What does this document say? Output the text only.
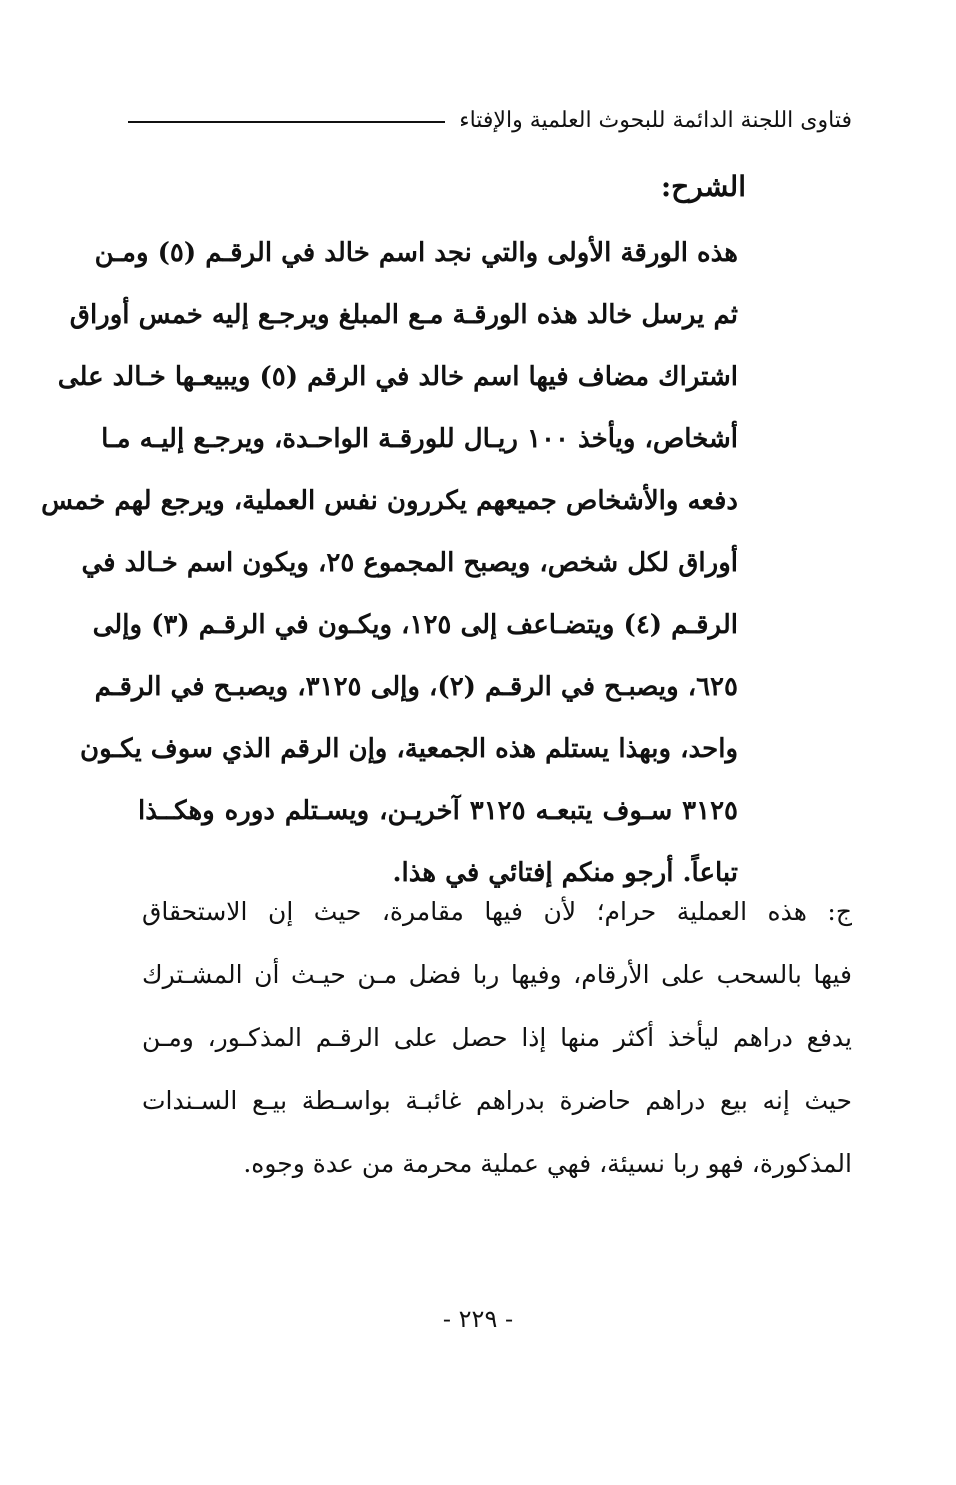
فتاوى اللجنة الدائمة للبحوث العلمية والإفتاء
الشرح:
هذه الورقة الأولى والتي نجد اسم خالد في الرقـم (٥) ومـن
ثم يرسل خالد هذه الورقـة مـع المبلغ ويرجـع إليه خمس أوراق
اشتراك مضاف فيها اسم خالد في الرقم (٥) ويبيعـها خـالد على
أشخاص، ويأخذ ١٠٠ ريـال للورقـة الواحـدة، ويرجـع إليـه مـا
دفعه والأشخاص جميعهم يكررون نفس العملية، ويرجع لهم خمس
أوراق لكل شخص، ويصبح المجموع ٢٥، ويكون اسم خـالد في
الرقـم (٤) ويتضـاعف إلى ١٢٥، ويكـون في الرقـم (٣) وإلى
٦٢٥، ويصبـح في الرقـم (٢)، وإلى ٣١٢٥، ويصبـح في الرقـم
واحد، وبهذا يستلم هذه الجمعية، وإن الرقم الذي سوف يكـون
٣١٢٥ سـوف يتبعـه ٣١٢٥ آخريـن، ويسـتلم دوره وهكــذا
تباعاً. أرجو منكم إفتائي في هذا.
ج: هذه العملية حرام؛ لأن فيها مقامرة، حيث إن الاستحقاق
فيها بالسحب على الأرقام، وفيها ربا فضل مـن حيـث أن المشـترك
يدفع دراهم ليأخذ أكثر منها إذا حصل على الرقـم المذكـور، ومـن
حيث إنه بيع دراهم حاضرة بدراهم غائبـة بواسـطة بيـع السـندات
المذكورة، فهو ربا نسيئة، فهي عملية محرمة من عدة وجوه.
- ٢٢٩ -
